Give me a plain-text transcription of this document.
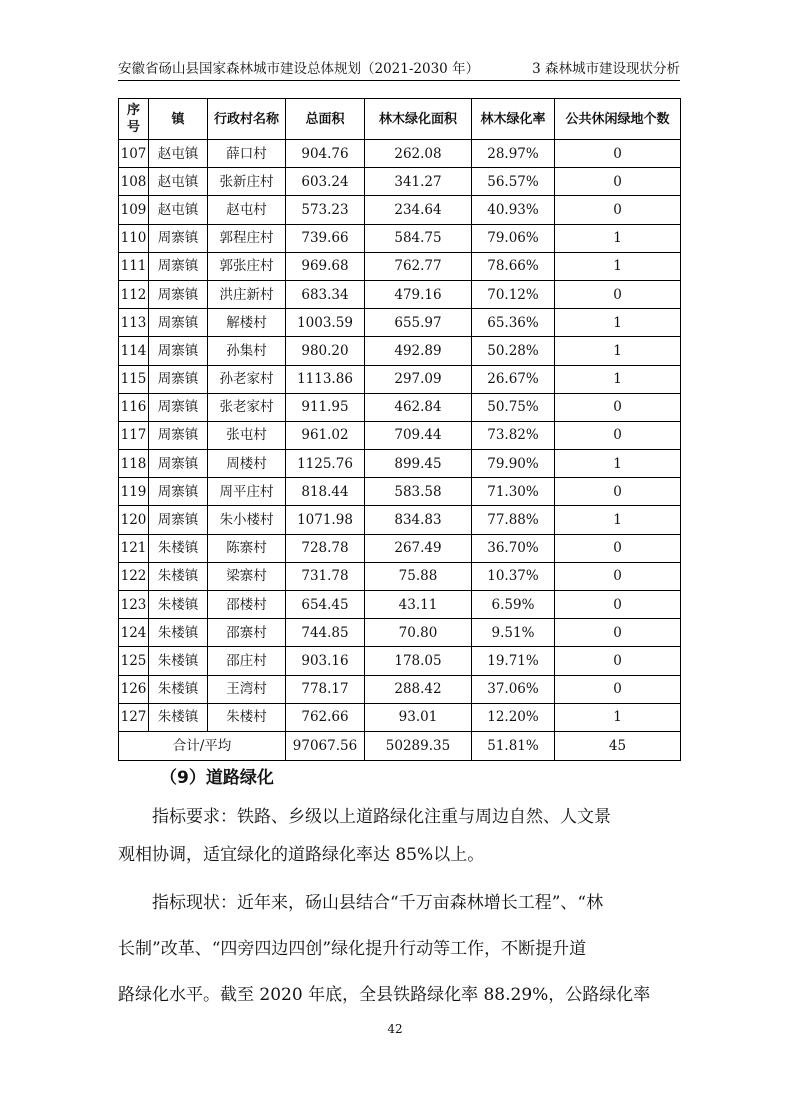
安徽省砀山县国家森林城市建设总体规划（2021-2030 年）	3 森林城市建设现状分析
序号	镇	行政村名称	总面积	林木绿化面积	林木绿化率	公共休闲绿地个数
107	赵屯镇	薛口村	904.76	262.08	28.97%	0
108	赵屯镇	张新庄村	603.24	341.27	56.57%	0
109	赵屯镇	赵屯村	573.23	234.64	40.93%	0
110	周寨镇	郭程庄村	739.66	584.75	79.06%	1
111	周寨镇	郭张庄村	969.68	762.77	78.66%	1
112	周寨镇	洪庄新村	683.34	479.16	70.12%	0
113	周寨镇	解楼村	1003.59	655.97	65.36%	1
114	周寨镇	孙集村	980.20	492.89	50.28%	1
115	周寨镇	孙老家村	1113.86	297.09	26.67%	1
116	周寨镇	张老家村	911.95	462.84	50.75%	0
117	周寨镇	张屯村	961.02	709.44	73.82%	0
118	周寨镇	周楼村	1125.76	899.45	79.90%	1
119	周寨镇	周平庄村	818.44	583.58	71.30%	0
120	周寨镇	朱小楼村	1071.98	834.83	77.88%	1
121	朱楼镇	陈寨村	728.78	267.49	36.70%	0
122	朱楼镇	梁寨村	731.78	75.88	10.37%	0
123	朱楼镇	邵楼村	654.45	43.11	6.59%	0
124	朱楼镇	邵寨村	744.85	70.80	9.51%	0
125	朱楼镇	邵庄村	903.16	178.05	19.71%	0
126	朱楼镇	王湾村	778.17	288.42	37.06%	0
127	朱楼镇	朱楼村	762.66	93.01	12.20%	1
合计/平均			97067.56	50289.35	51.81%	45
（9）道路绿化
指标要求：铁路、乡级以上道路绿化注重与周边自然、人文景
观相协调，适宜绿化的道路绿化率达 85%以上。
指标现状：近年来，砀山县结合“千万亩森林增长工程”、“林
长制”改革、“四旁四边四创”绿化提升行动等工作，不断提升道
路绿化水平。截至 2020 年底，全县铁路绿化率 88.29%，公路绿化率
42
